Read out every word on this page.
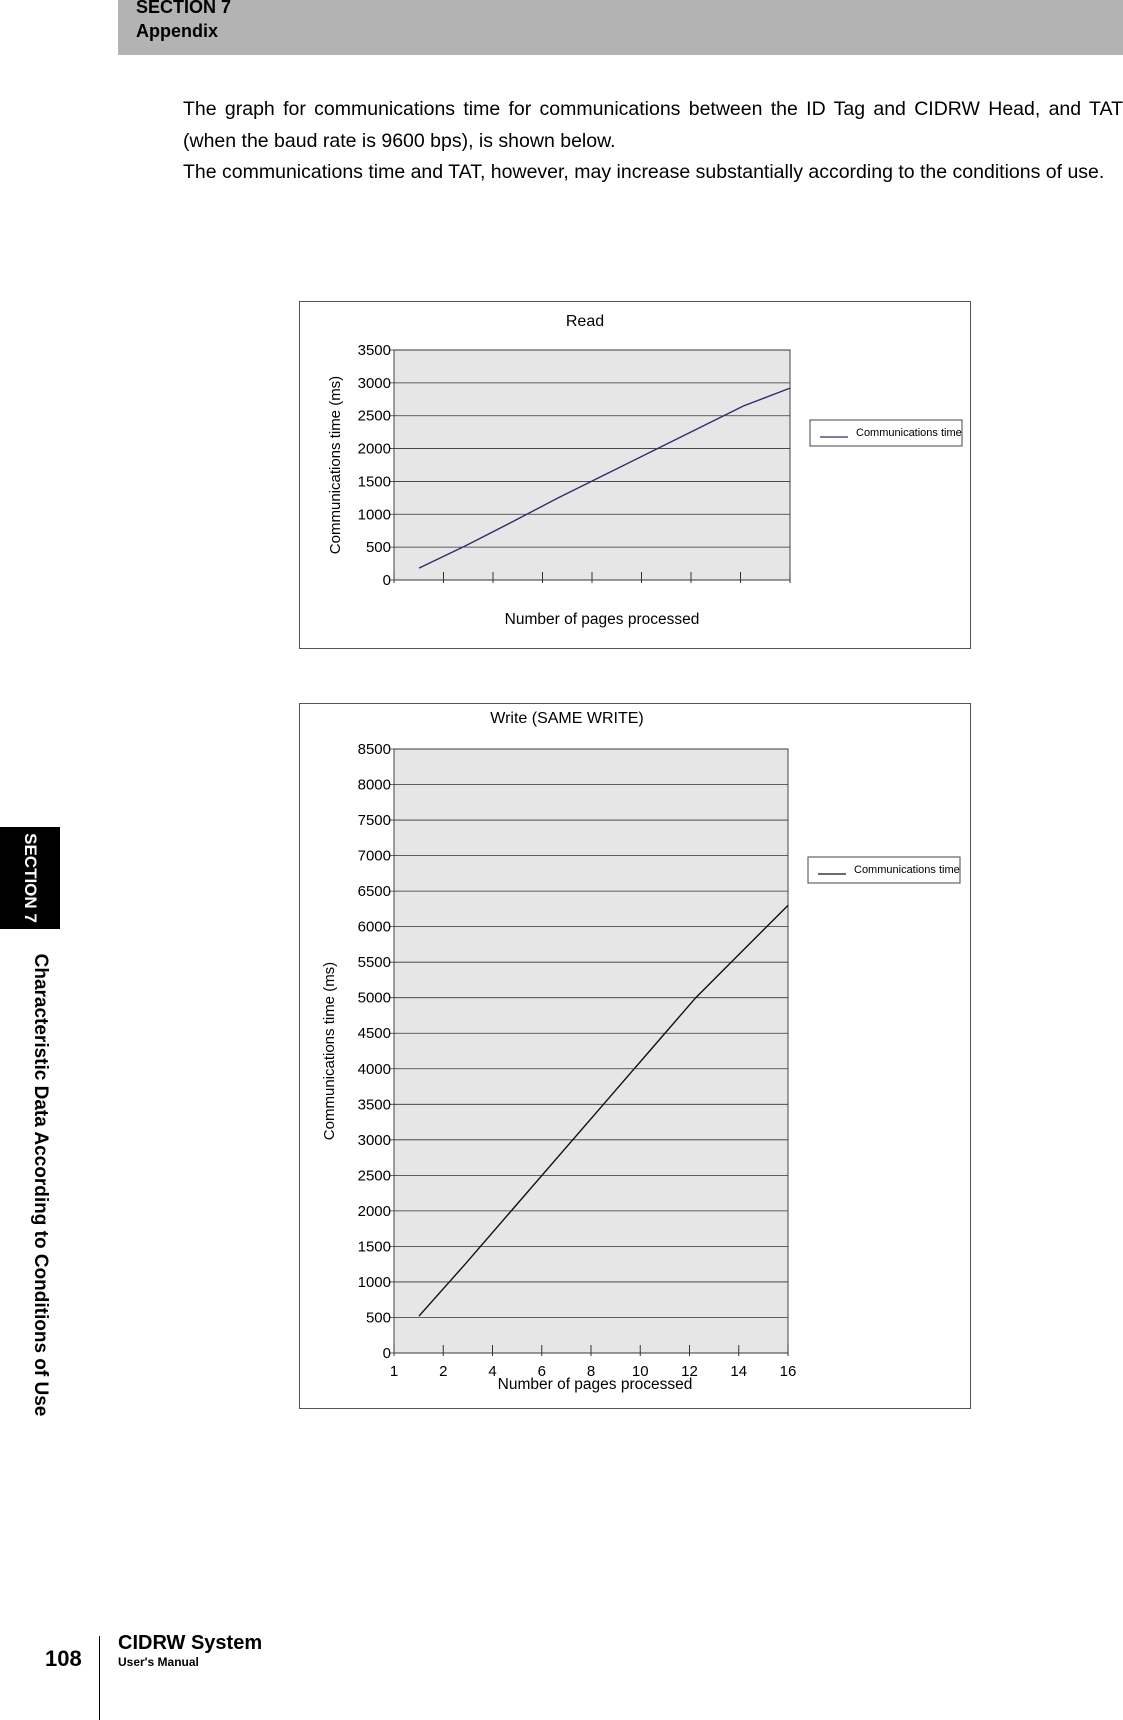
SECTION 7
Appendix

The graph for communications time for communications between the ID Tag and CIDRW Head, and TAT (when the baud rate is 9600 bps), is shown below.

The communications time and TAT, however, may increase substantially according to the conditions of use.

SECTION 7
Characteristic Data According to Conditions of Use
0
500
1000
1500
2000
2500
3000
3500
Read
Number of pages processed
Communications time (ms)	Communications time
0
500
1000
1500
2000
2500
3000
3500
4000
4500
5000
5500
6000
6500
7000
7500
8000
8500
1	2	4	6	8 10 12 14 16
Write (SAME WRITE)
Number of pages processed
Communications time (ms)
Communications time
108
CIDRW System
User's Manual
